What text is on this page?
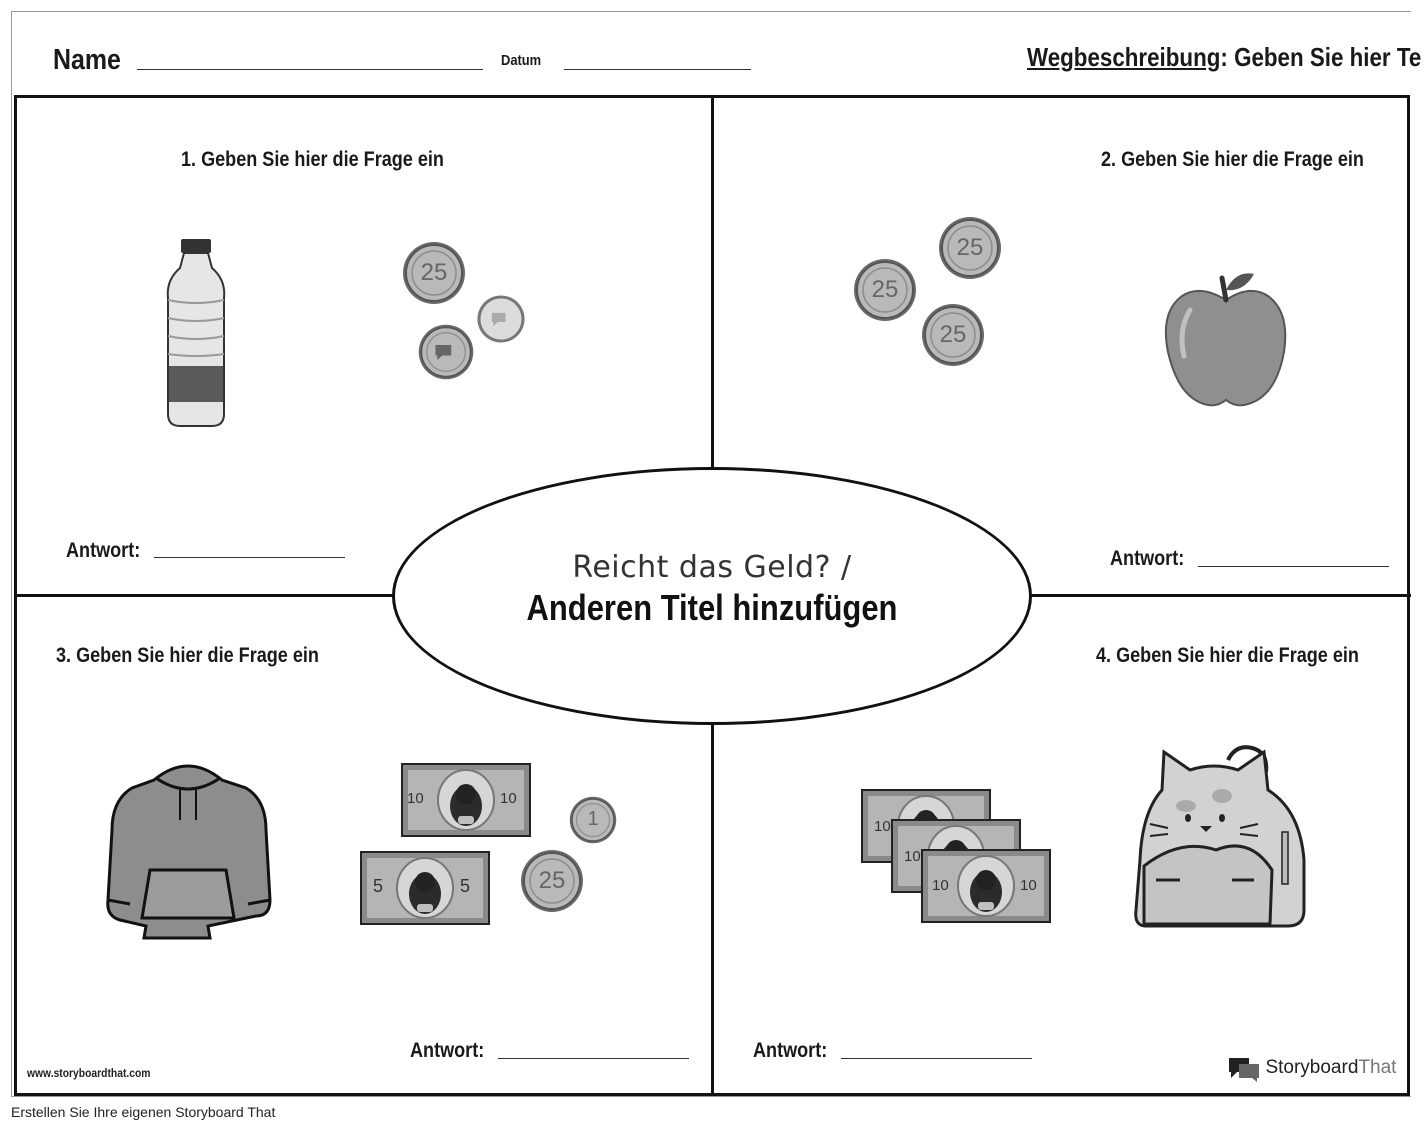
Name	Datum	Wegbeschreibung: Geben Sie hier Te
Reicht das Geld? /
Anderen Titel hinzufügen
1. Geben Sie hier die Frage ein	2. Geben Sie hier die Frage ein
3. Geben Sie hier die Frage ein	4. Geben Sie hier die Frage ein
Antwort:	Antwort:
Antwort:	Antwort:
25
25
25
25
25
1
10	10
5	5
10
10
10	10
www.storyboardthat.com	StoryboardThat
Erstellen Sie Ihre eigenen Storyboard That
